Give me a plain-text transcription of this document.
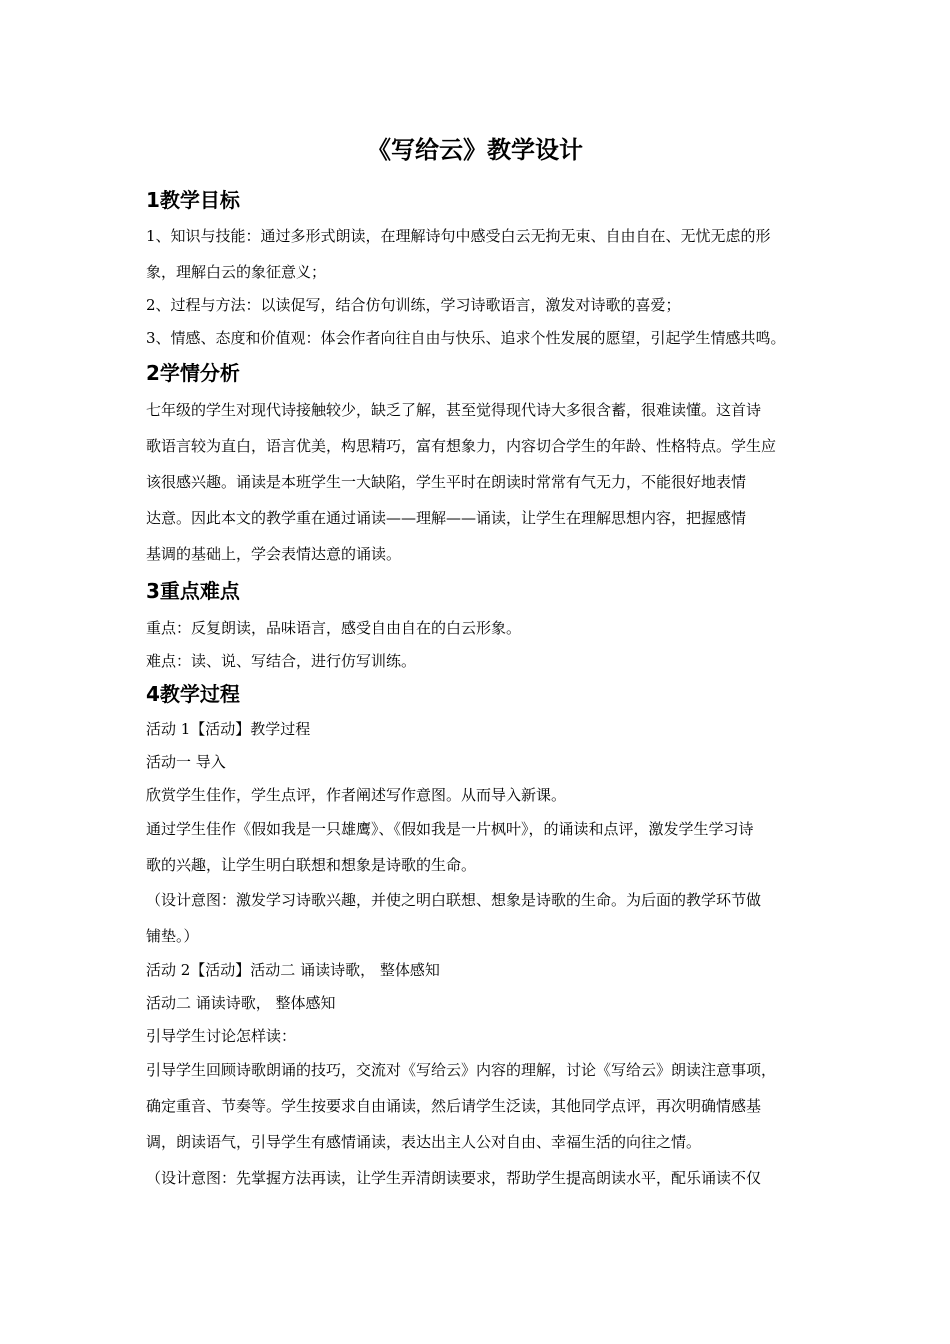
《写给云》教学设计
1教学目标
1、知识与技能：通过多形式朗读，在理解诗句中感受白云无拘无束、自由自在、无忧无虑的形
象，理解白云的象征意义；
2、过程与方法：以读促写，结合仿句训练，学习诗歌语言，激发对诗歌的喜爱；
3、情感、态度和价值观：体会作者向往自由与快乐、追求个性发展的愿望，引起学生情感共鸣。
2学情分析
七年级的学生对现代诗接触较少，缺乏了解，甚至觉得现代诗大多很含蓄，很难读懂。这首诗
歌语言较为直白，语言优美，构思精巧，富有想象力，内容切合学生的年龄、性格特点。学生应
该很感兴趣。诵读是本班学生一大缺陷，学生平时在朗读时常常有气无力，不能很好地表情
达意。因此本文的教学重在通过诵读——理解——诵读，让学生在理解思想内容，把握感情
基调的基础上，学会表情达意的诵读。
3重点难点
重点：反复朗读，品味语言，感受自由自在的白云形象。
难点：读、说、写结合，进行仿写训练。
4教学过程
活动 1【活动】教学过程
活动一 导入
欣赏学生佳作，学生点评，作者阐述写作意图。从而导入新课。
通过学生佳作《假如我是一只雄鹰》、《假如我是一片枫叶》，的诵读和点评，激发学生学习诗
歌的兴趣，让学生明白联想和想象是诗歌的生命。
（设计意图：激发学习诗歌兴趣，并使之明白联想、想象是诗歌的生命。为后面的教学环节做
铺垫。）
活动 2【活动】活动二 诵读诗歌， 整体感知
活动二 诵读诗歌， 整体感知
引导学生讨论怎样读：
引导学生回顾诗歌朗诵的技巧，交流对《写给云》内容的理解，讨论《写给云》朗读注意事项，
确定重音、节奏等。学生按要求自由诵读，然后请学生泛读，其他同学点评，再次明确情感基
调，朗读语气，引导学生有感情诵读，表达出主人公对自由、幸福生活的向往之情。
（设计意图：先掌握方法再读，让学生弄清朗读要求，帮助学生提高朗读水平，配乐诵读不仅
